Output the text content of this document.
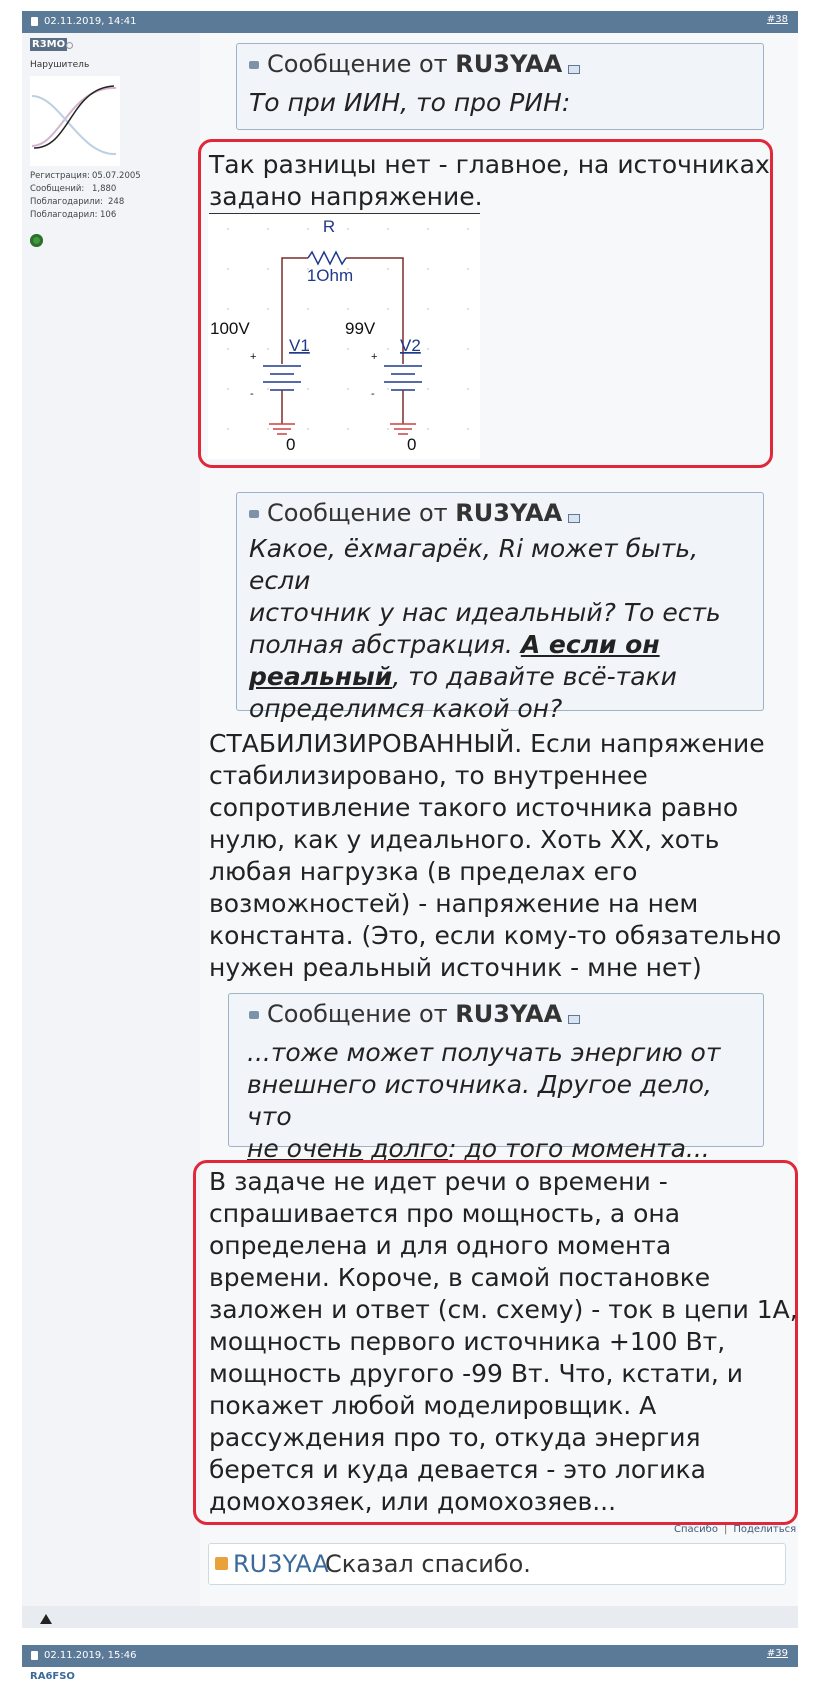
02.11.2019, 14:41	#38
R3MO
Нарушитель
Регистрация: 05.07.2005
Сообщений: 1,880
Поблагодарили: 248
Поблагодарил: 106
Сообщение от RU3YAA
То при ИИН, то про РИН:
Так разницы нет - главное, на источниках
задано напряжение.
R
1Ohm
100V
V1
99V
V2
+
-
+
-
0	0
Сообщение от RU3YAA
Какое, ёхмагарёк, Ri может быть, если
источник у нас идеальный? То есть
полная абстракция. А если он
реальный, то давайте всё-таки
определимся какой он?
СТАБИЛИЗИРОВАННЫЙ. Если напряжение
стабилизировано, то внутреннее
сопротивление такого источника равно
нулю, как у идеального. Хоть ХХ, хоть
любая нагрузка (в пределах его
возможностей) - напряжение на нем
константа. (Это, если кому-то обязательно
нужен реальный источник - мне нет)
Сообщение от RU3YAA
...тоже может получать энергию от
внешнего источника. Другое дело, что
не очень долго: до того момента...
В задаче не идет речи о времени -
спрашивается про мощность, а она
определена и для одного момента
времени. Короче, в самой постановке
заложен и ответ (см. схему) - ток в цепи 1А,
мощность первого источника +100 Вт,
мощность другого -99 Вт. Что, кстати, и
покажет любой моделировщик. А
рассуждения про то, откуда энергия
берется и куда девается - это логика
домохозяек, или домохозяев...
Спасибо | Поделиться
RU3YAA
Сказал спасибо.
02.11.2019, 15:46	#39
RA6FSO
